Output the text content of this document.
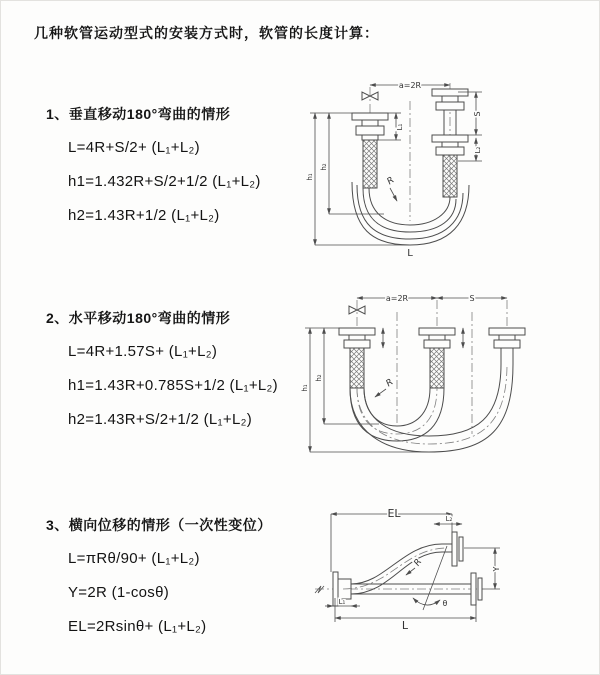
几种软管运动型式的安装方式时，软管的长度计算：
1、垂直移动180°弯曲的情形
L=4R+S/2+ (L₁+L₂)
h1=1.432R+S/2+1/2 (L₁+L₂)
h2=1.43R+1/2 (L₁+L₂)
a=2R
L₁
S
L₂
h₁
h₂
R
L
2、水平移动180°弯曲的情形
L=4R+1.57S+ (L₁+L₂)
h1=1.43R+0.785S+1/2 (L₁+L₂)
h2=1.43R+S/2+1/2 (L₁+L₂)
a=2R	S
h₁
h₂	R
3、横向位移的情形（一次性变位）
L=πRθ/90+ (L₁+L₂)
Y=2R (1-cosθ)
EL=2Rsinθ+ (L₁+L₂)
EL	L₂
Y
R
θ
L₁
L
